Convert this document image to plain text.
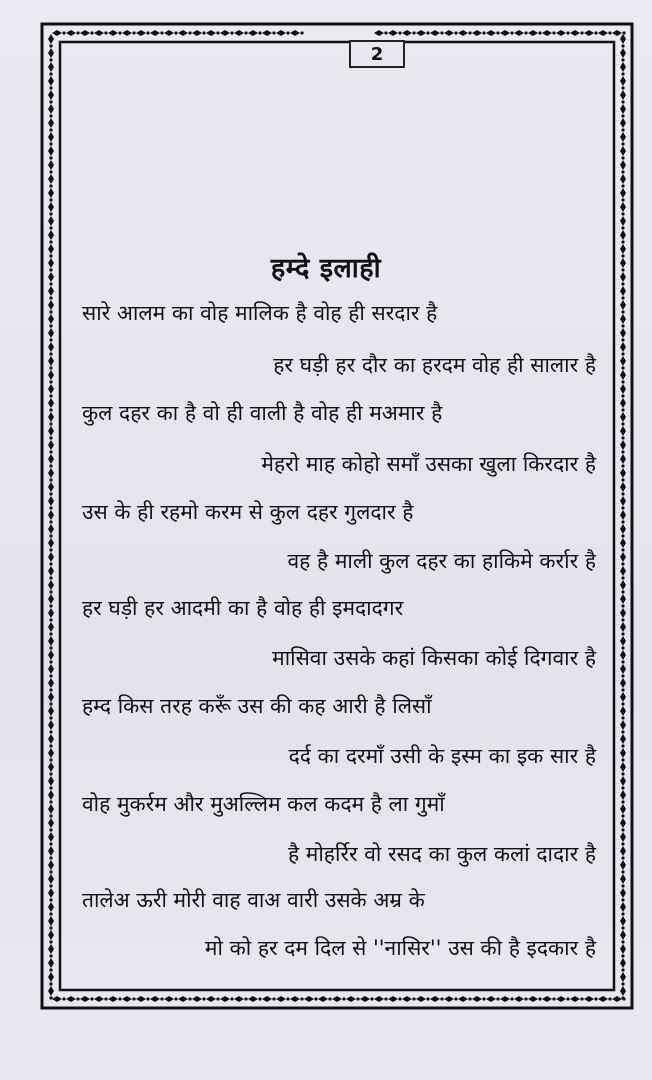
2
हम्दे इलाही
सारे आलम का वोह मालिक है वोह ही सरदार है
हर घड़ी हर दौर का हरदम वोह ही सालार है
कुल दहर का है वो ही वाली है वोह ही मअमार है
मेहरो माह कोहो समाँ उसका खुला किरदार है
उस के ही रहमो करम से कुल दहर गुलदार है
वह है माली कुल दहर का हाकिमे कर्रार है
हर घड़ी हर आदमी का है वोह ही इमदादगर
मासिवा उसके कहां किसका कोई दिगवार है
हम्द किस तरह करूँ उस की कह आरी है लिसाँ
दर्द का दरमाँ उसी के इस्म का इक सार है
वोह मुकर्रम और मुअल्लिम कल कदम है ला गुमाँ
है मोहर्रिर वो रसद का कुल कलां दादार है
तालेअ ऊरी मोरी वाह वाअ वारी उसके अम्र के
मो को हर दम दिल से ''नासिर'' उस की है इदकार है
